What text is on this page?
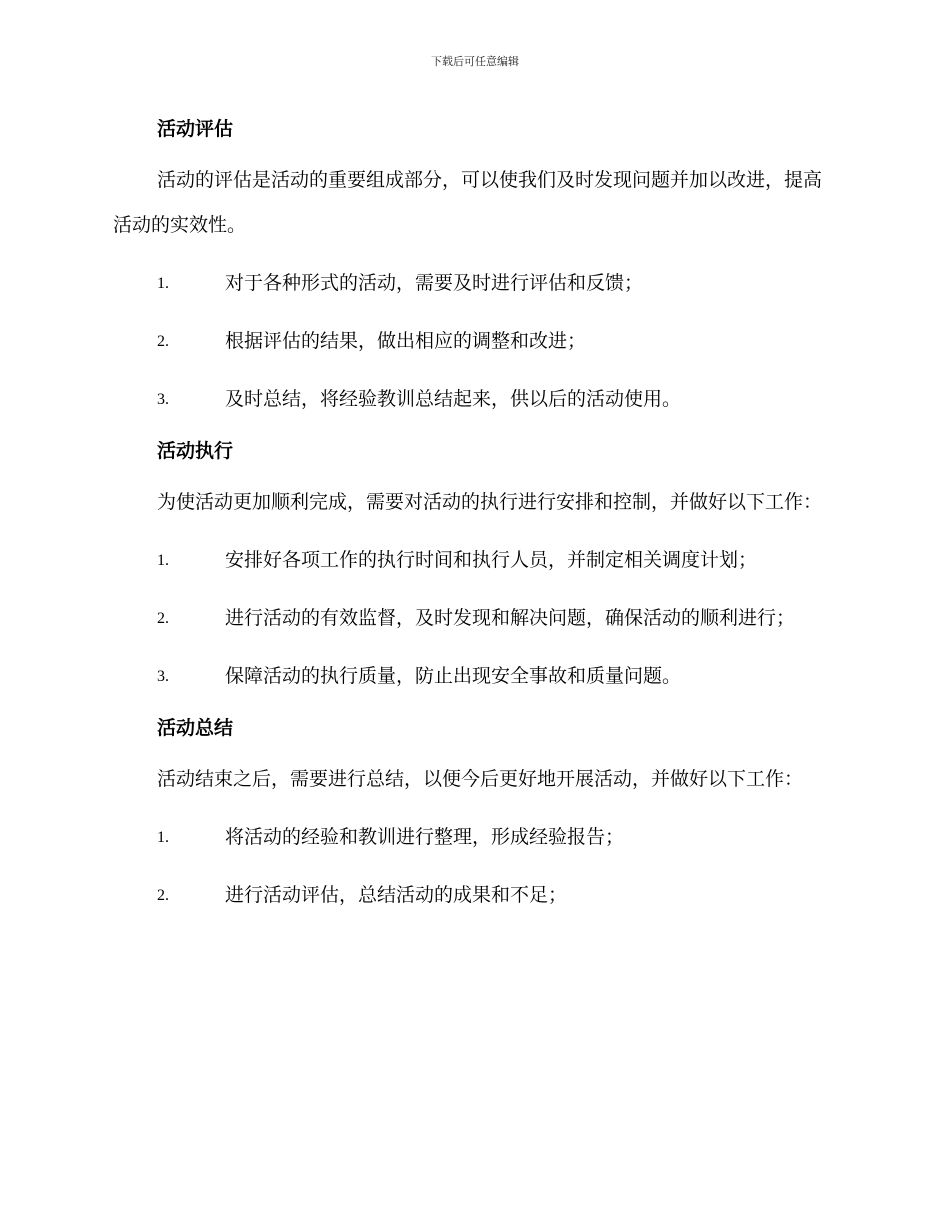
下载后可任意编辑
活动评估

活动的评估是活动的重要组成部分，可以使我们及时发现问题并加以改进，提高活动的实效性。

1.	对于各种形式的活动，需要及时进行评估和反馈；
2.	根据评估的结果，做出相应的调整和改进；
3.	及时总结，将经验教训总结起来，供以后的活动使用。
活动执行

为使活动更加顺利完成，需要对活动的执行进行安排和控制，并做好以下工作：

1.	安排好各项工作的执行时间和执行人员，并制定相关调度计划；
2.	进行活动的有效监督，及时发现和解决问题，确保活动的顺利进行；
3.	保障活动的执行质量，防止出现安全事故和质量问题。
活动总结

活动结束之后，需要进行总结，以便今后更好地开展活动，并做好以下工作：

1.	将活动的经验和教训进行整理，形成经验报告；
2.	进行活动评估，总结活动的成果和不足；
